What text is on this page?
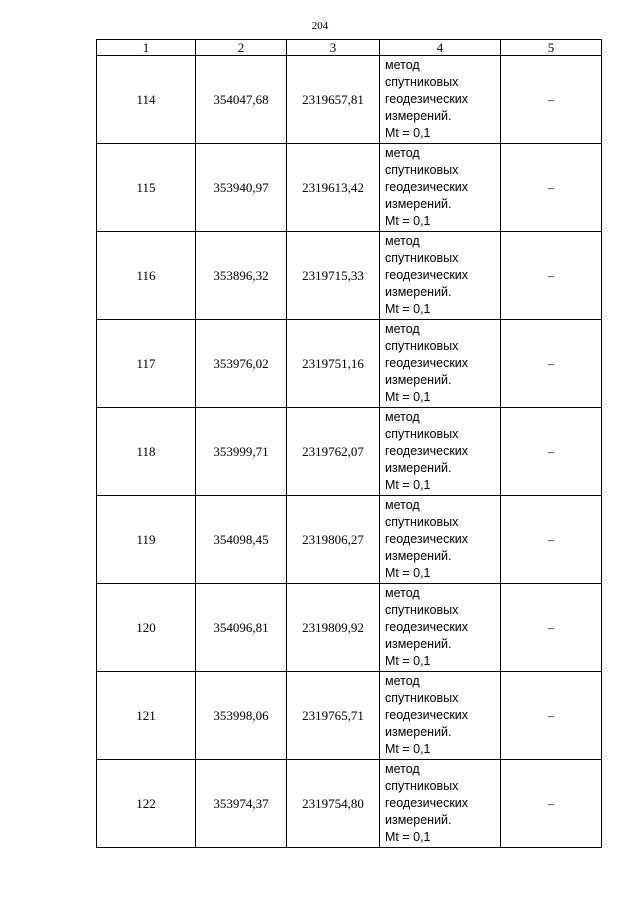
204
1	2	3	4	5
114	354047,68	2319657,81	метод
спутниковых
геодезических
измерений.
Mt = 0,1	–
115	353940,97	2319613,42	метод
спутниковых
геодезических
измерений.
Mt = 0,1	–
116	353896,32	2319715,33	метод
спутниковых
геодезических
измерений.
Mt = 0,1	–
117	353976,02	2319751,16	метод
спутниковых
геодезических
измерений.
Mt = 0,1	–
118	353999,71	2319762,07	метод
спутниковых
геодезических
измерений.
Mt = 0,1	–
119	354098,45	2319806,27	метод
спутниковых
геодезических
измерений.
Mt = 0,1	–
120	354096,81	2319809,92	метод
спутниковых
геодезических
измерений.
Mt = 0,1	–
121	353998,06	2319765,71	метод
спутниковых
геодезических
измерений.
Mt = 0,1	–
122	353974,37	2319754,80	метод
спутниковых
геодезических
измерений.
Mt = 0,1	–
